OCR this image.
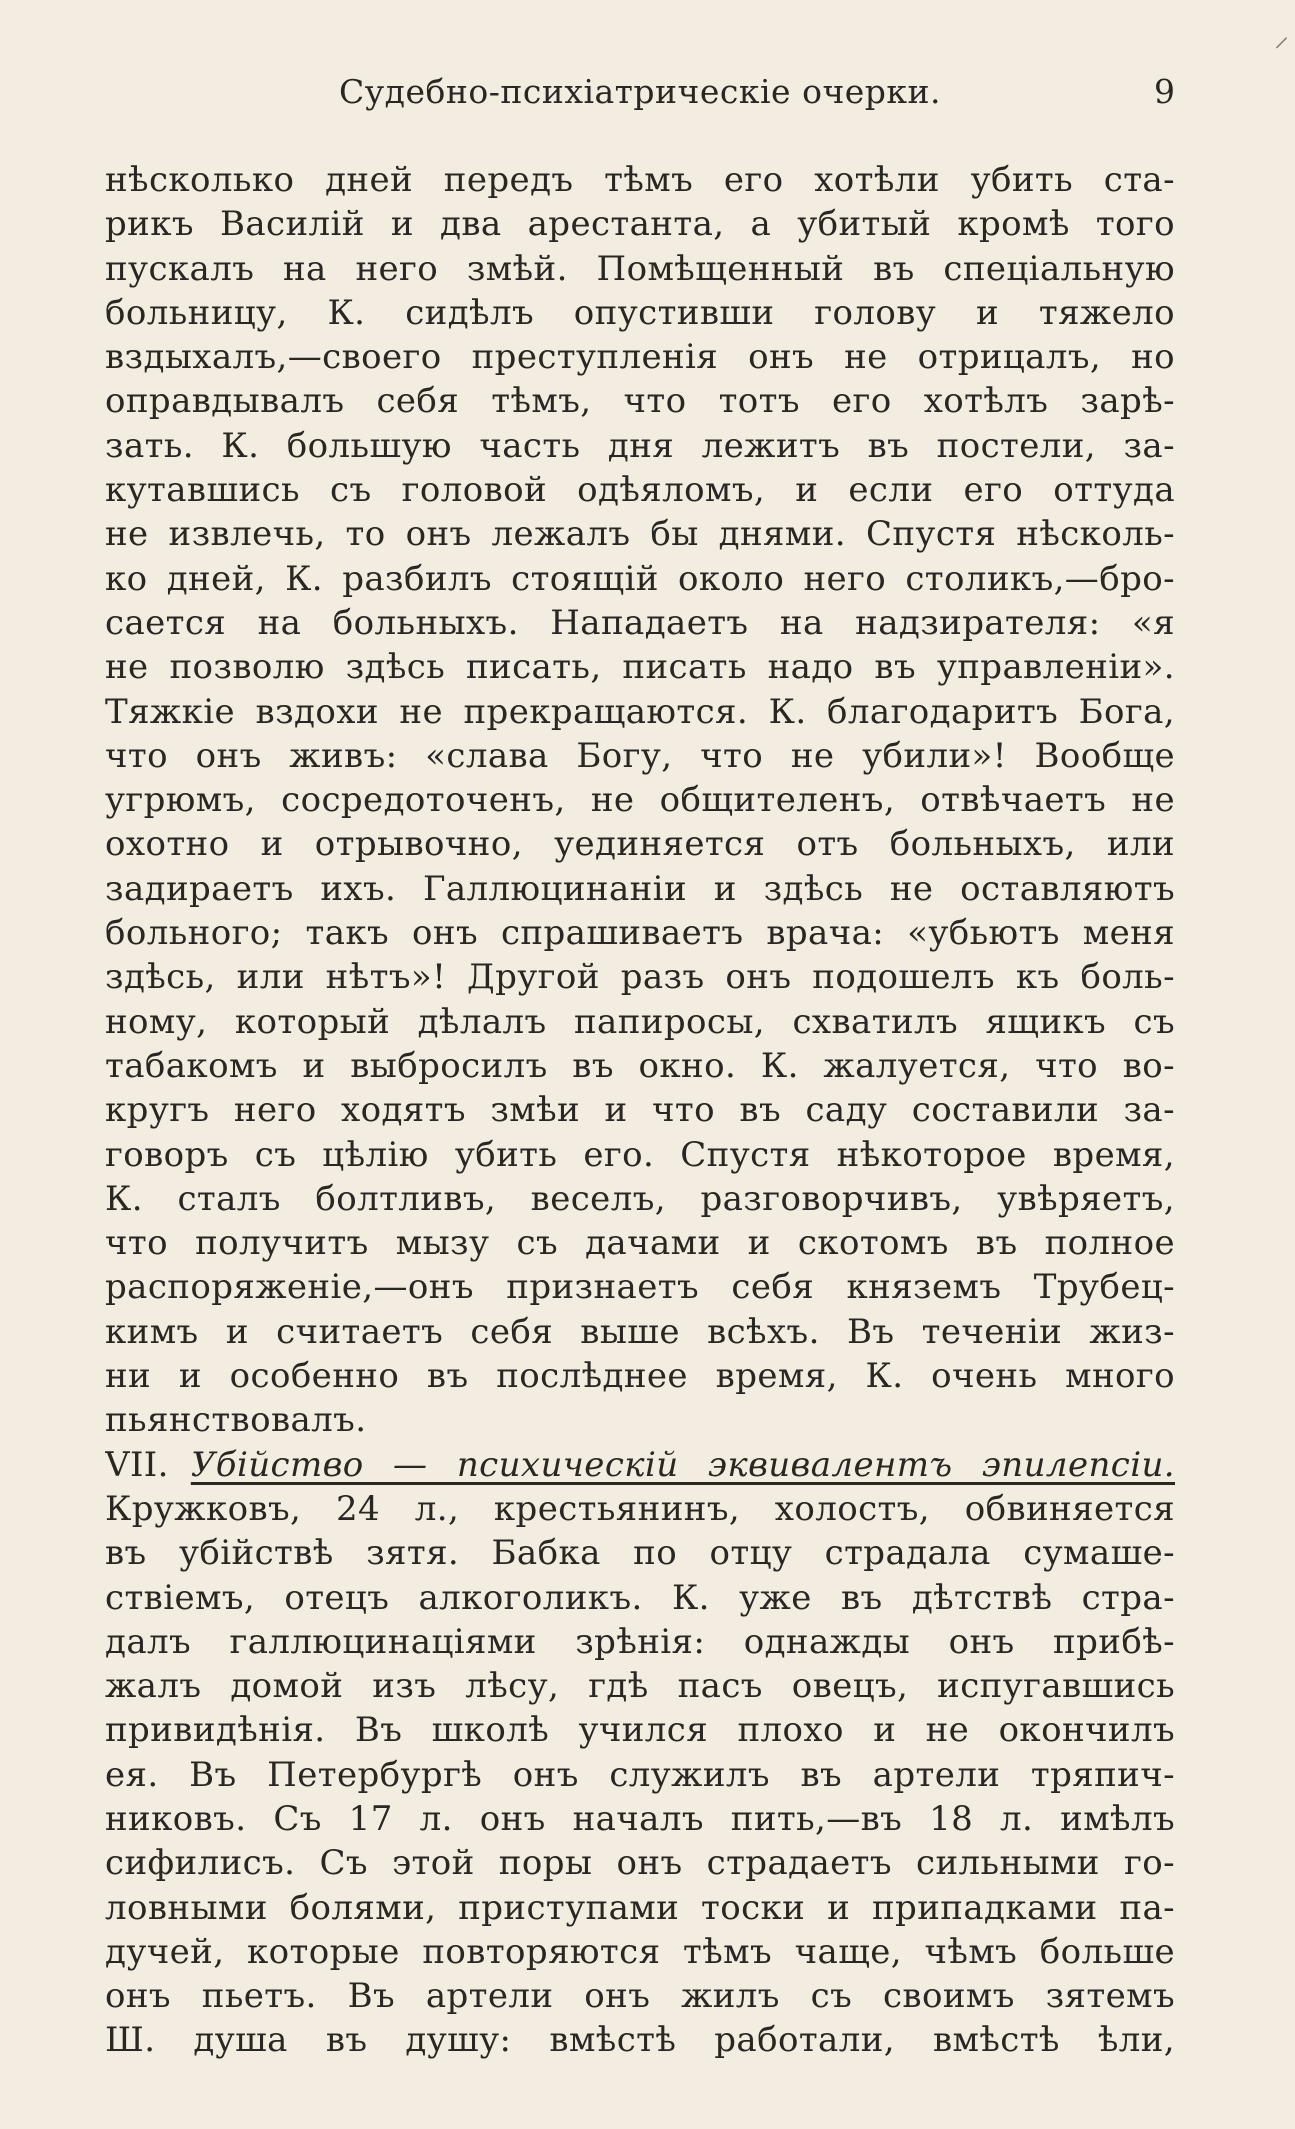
Судебно-психіатрическіе очерки.	9
нѣсколько дней передъ тѣмъ его хотѣли убить ста-
рикъ Василій и два арестанта, а убитый кромѣ того
пускалъ на него змѣй. Помѣщенный въ спеціальную
больницу, К. сидѣлъ опустивши голову и тяжело
вздыхалъ,—своего преступленія онъ не отрицалъ, но
оправдывалъ себя тѣмъ, что тотъ его хотѣлъ зарѣ-
зать. К. большую часть дня лежитъ въ постели, за-
кутавшись съ головой одѣяломъ, и если его оттуда
не извлечь, то онъ лежалъ бы днями. Спустя нѣсколь-
ко дней, К. разбилъ стоящій около него столикъ,—бро-
сается на больныхъ. Нападаетъ на надзирателя: «я
не позволю здѣсь писать, писать надо въ управленіи».
Тяжкіе вздохи не прекращаются. К. благодаритъ Бога,
что онъ живъ: «слава Богу, что не убили»! Вообще
угрюмъ, сосредоточенъ, не общителенъ, отвѣчаетъ не
охотно и отрывочно, уединяется отъ больныхъ, или
задираетъ ихъ. Галлюцинаніи и здѣсь не оставляютъ
больного; такъ онъ спрашиваетъ врача: «убьютъ меня
здѣсь, или нѣтъ»! Другой разъ онъ подошелъ къ боль-
ному, который дѣлалъ папиросы, схватилъ ящикъ съ
табакомъ и выбросилъ въ окно. К. жалуется, что во-
кругъ него ходятъ змѣи и что въ саду составили за-
говоръ съ цѣлію убить его. Спустя нѣкоторое время,
К. сталъ болтливъ, веселъ, разговорчивъ, увѣряетъ,
что получитъ мызу съ дачами и скотомъ въ полное
распоряженіе,—онъ признаетъ себя княземъ Трубец-
кимъ и считаетъ себя выше всѣхъ. Въ теченіи жиз-
ни и особенно въ послѣднее время, К. очень много
пьянствовалъ.
VII. Убійство — психическій эквивалентъ эпилепсіи.
Кружковъ, 24 л., крестьянинъ, холостъ, обвиняется
въ убійствѣ зятя. Бабка по отцу страдала сумаше-
ствіемъ, отецъ алкоголикъ. К. уже въ дѣтствѣ стра-
далъ галлюцинаціями зрѣнія: однажды онъ прибѣ-
жалъ домой изъ лѣсу, гдѣ пасъ овецъ, испугавшись
привидѣнія. Въ школѣ учился плохо и не окончилъ
ея. Въ Петербургѣ онъ служилъ въ артели тряпич-
никовъ. Съ 17 л. онъ началъ пить,—въ 18 л. имѣлъ
сифилисъ. Съ этой поры онъ страдаетъ сильными го-
ловными болями, приступами тоски и припадками па-
дучей, которые повторяются тѣмъ чаще, чѣмъ больше
онъ пьетъ. Въ артели онъ жилъ съ своимъ зятемъ
Ш. душа въ душу: вмѣстѣ работали, вмѣстѣ ѣли,
⸝
